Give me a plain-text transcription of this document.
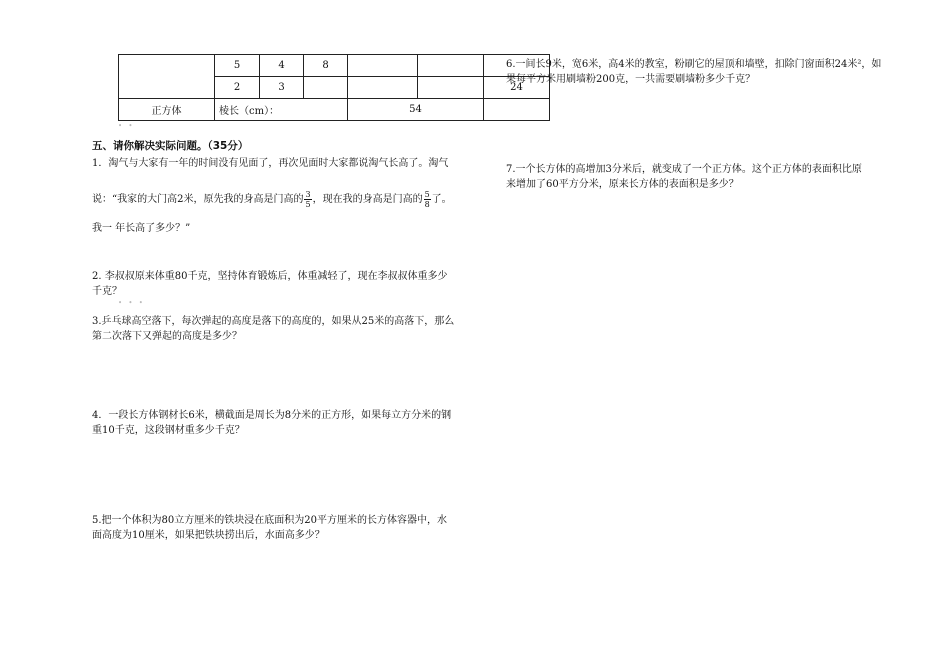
	5	4	8			
	2	3				24
正方体	棱长（cm）：			54		
• •
五、请你解决实际问题。（35分）

1．淘气与大家有一年的时间没有见面了，再次见面时大家都说淘气长高了。淘气

说：“我家的大门高2米，原先我的身高是门高的 $\frac{3}{5}$ ，现在我的身高是门高的 $\frac{5}{8}$ 了。

我一 年长高了多少？”

2. 李叔叔原来体重80千克，坚持体育锻炼后，体重减轻了，现在李叔叔体重多少

千克？

• • •

3.乒乓球高空落下，每次弹起的高度是落下的高度的，如果从25米的高落下，那么

第二次落下又弹起的高度是多少？

4．一段长方体钢材长6米，横截面是周长为8分米的正方形，如果每立方分米的钢

重10千克，这段钢材重多少千克？

5.把一个体积为80立方厘米的铁块浸在底面积为20平方厘米的长方体容器中，水

面高度为10厘米，如果把铁块捞出后，水面高多少？

6.一间长9米，宽6米，高4米的教室，粉刷它的屋顶和墙壁，扣除门窗面积24米²，如

果每平方米用刷墙粉200克，一共需要刷墙粉多少千克？

7.一个长方体的高增加3分米后，就变成了一个正方体。这个正方体的表面积比原

来增加了60平方分米，原来长方体的表面积是多少？
